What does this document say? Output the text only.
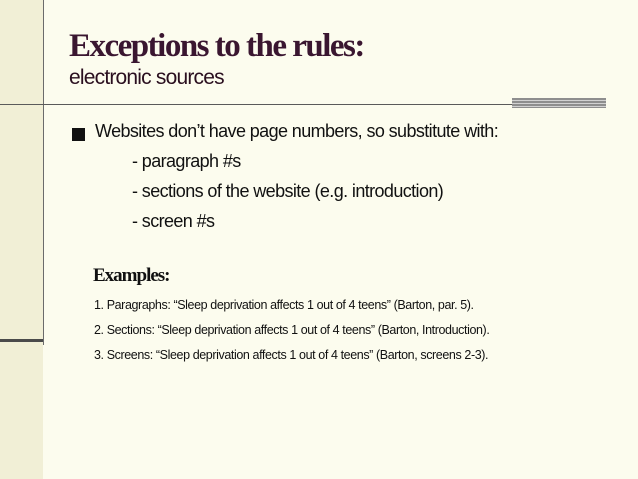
Exceptions to the rules:
electronic sources
Websites don’t have page numbers, so substitute with:
- paragraph #s
- sections of the website (e.g. introduction)
- screen #s
Examples:
1. Paragraphs: “Sleep deprivation affects 1 out of 4 teens” (Barton, par. 5).
2. Sections: “Sleep deprivation affects 1 out of 4 teens” (Barton, Introduction).
3. Screens: “Sleep deprivation affects 1 out of 4 teens” (Barton, screens 2-3).
